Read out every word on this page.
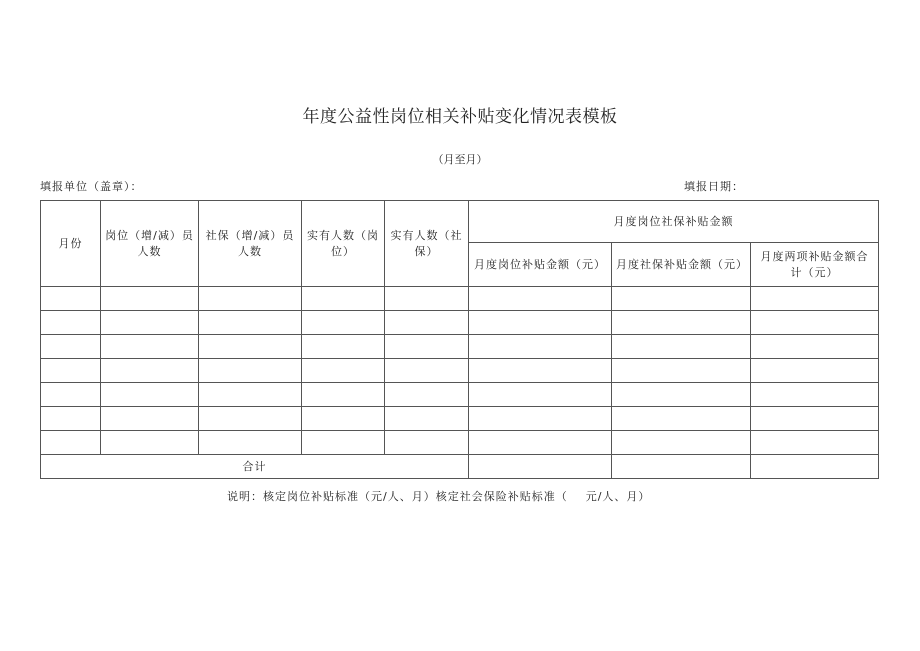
年度公益性岗位相关补贴变化情况表模板
（月至月）
填报单位（盖章）：	填报日期：
月份	岗位（增/减）员人数	社保（增/减）员人数	实有人数（岗位）	实有人数（社保）	月度岗位社保补贴金额		
					月度岗位补贴金额（元）	月度社保补贴金额（元）	月度两项补贴金额合计（元）

合计							
说明：核定岗位补贴标准（元/人、月）核定社会保险补贴标准（    元/人、月）
